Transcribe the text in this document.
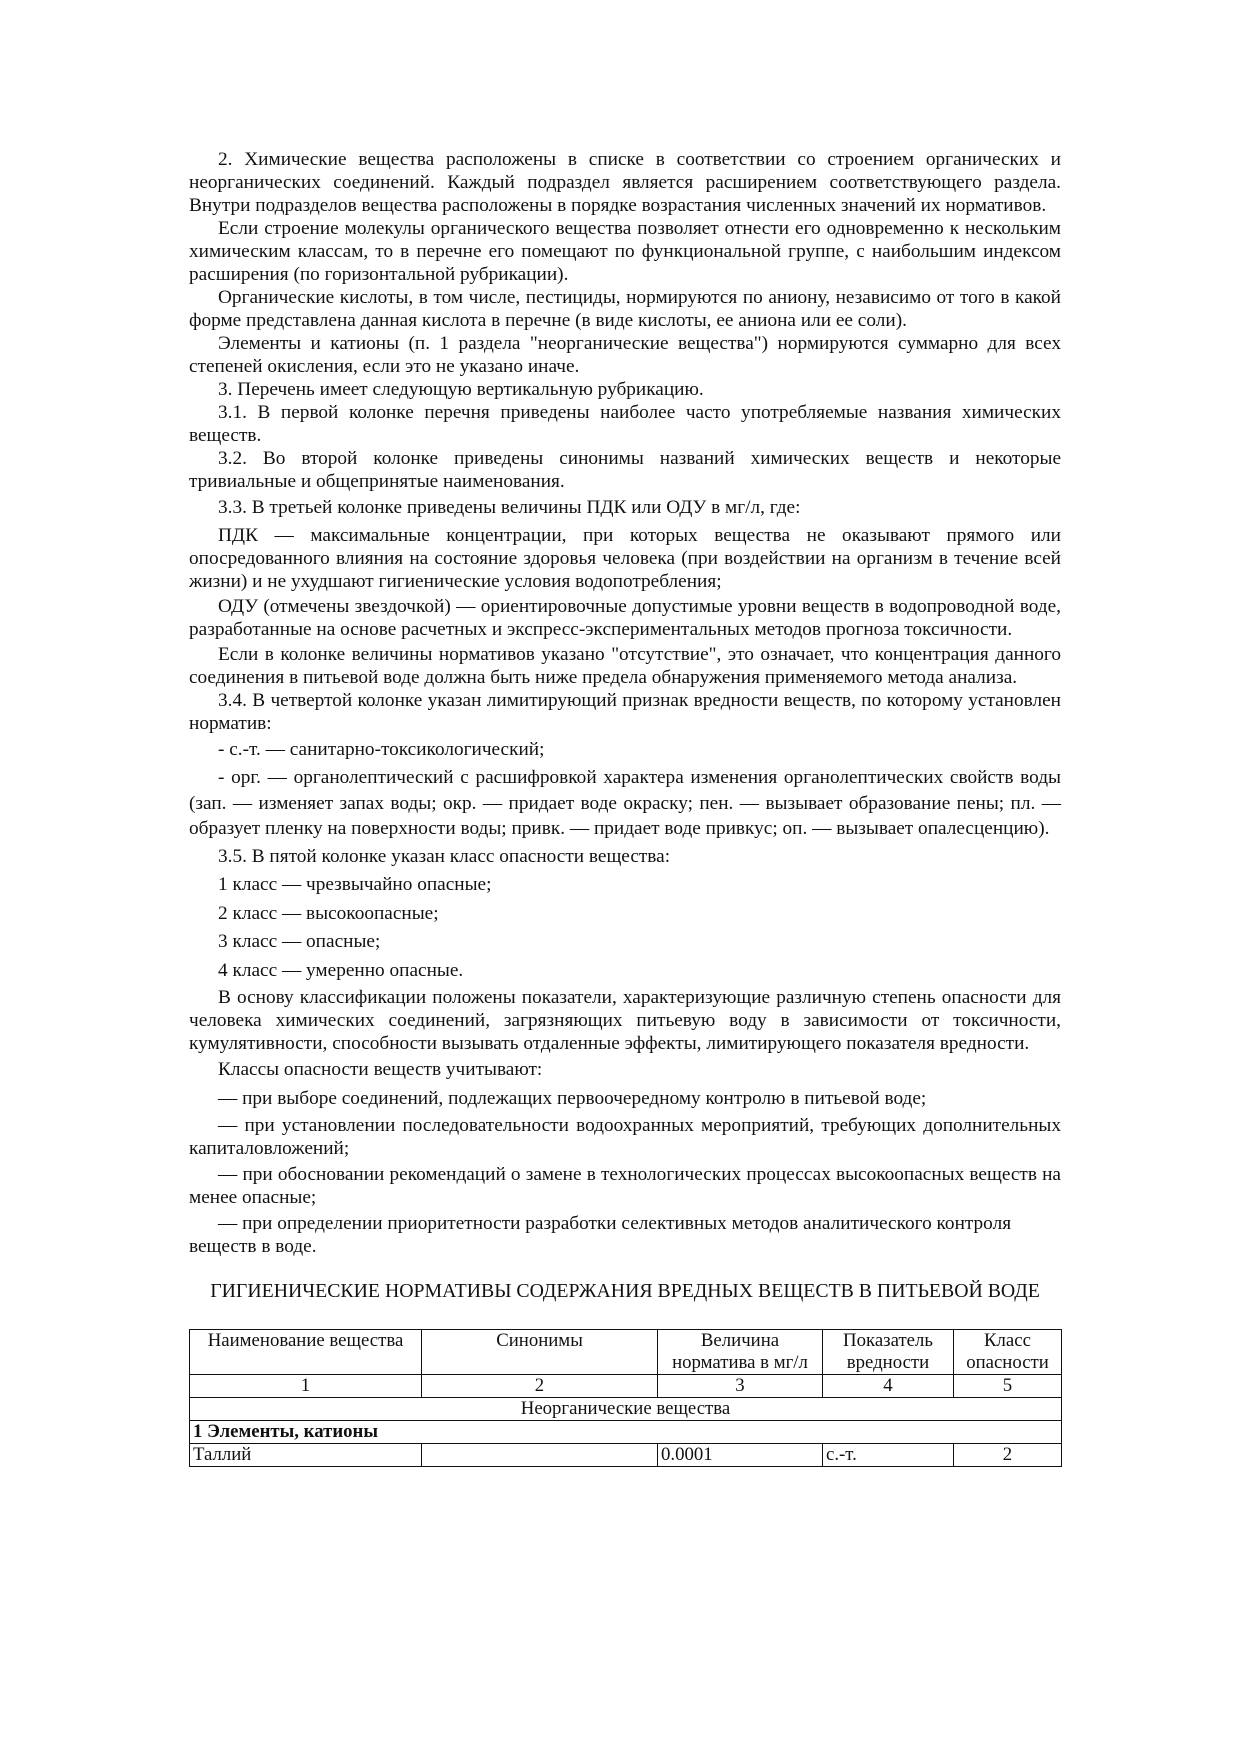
2. Химические вещества расположены в списке в соответствии со строением органических и неорганических соединений. Каждый подраздел является расширением соответствующего раздела. Внутри подразделов вещества расположены в порядке возрастания численных значений их нормативов.

Если строение молекулы органического вещества позволяет отнести его одновременно к нескольким химическим классам, то в перечне его помещают по функциональной группе, с наибольшим индексом расширения (по горизонтальной рубрикации).

Органические кислоты, в том числе, пестициды, нормируются по аниону, независимо от того в какой форме представлена данная кислота в перечне (в виде кислоты, ее аниона или ее соли).

Элементы и катионы (п. 1 раздела "неорганические вещества") нормируются суммарно для всех степеней окисления, если это не указано иначе.

3. Перечень имеет следующую вертикальную рубрикацию.

3.1. В первой колонке перечня приведены наиболее часто употребляемые названия химических веществ.

3.2. Во второй колонке приведены синонимы названий химических веществ и некоторые тривиальные и общепринятые наименования.

3.3. В третьей колонке приведены величины ПДК или ОДУ в мг/л, где:

ПДК — максимальные концентрации, при которых вещества не оказывают прямого или опосредованного влияния на состояние здоровья человека (при воздействии на организм в течение всей жизни) и не ухудшают гигиенические условия водопотребления;

ОДУ (отмечены звездочкой) — ориентировочные допустимые уровни веществ в водопроводной воде, разработанные на основе расчетных и экспресс-экспериментальных методов прогноза токсичности.

Если в колонке величины нормативов указано "отсутствие", это означает, что концентрация данного соединения в питьевой воде должна быть ниже предела обнаружения применяемого метода анализа.

3.4. В четвертой колонке указан лимитирующий признак вредности веществ, по которому установлен норматив:

- с.-т. — санитарно-токсикологический;

- орг. — органолептический с расшифровкой характера изменения органолептических свойств воды (зап. — изменяет запах воды; окр. — придает воде окраску; пен. — вызывает образование пены; пл. — образует пленку на поверхности воды; привк. — придает воде привкус; оп. — вызывает опалесценцию).

3.5. В пятой колонке указан класс опасности вещества:

1 класс — чрезвычайно опасные;

2 класс — высокоопасные;

3 класс — опасные;

4 класс — умеренно опасные.

В основу классификации положены показатели, характеризующие различную степень опасности для человека химических соединений, загрязняющих питьевую воду в зависимости от токсичности, кумулятивности, способности вызывать отдаленные эффекты, лимитирующего показателя вредности.

Классы опасности веществ учитывают:

— при выборе соединений, подлежащих первоочередному контролю в питьевой воде;

— при установлении последовательности водоохранных мероприятий, требующих дополнительных капиталовложений;

— при обосновании рекомендаций о замене в технологических процессах высокоопасных веществ на менее опасные;

— при определении приоритетности разработки селективных методов аналитического контроля веществ в воде.

ГИГИЕНИЧЕСКИЕ НОРМАТИВЫ СОДЕРЖАНИЯ ВРЕДНЫХ ВЕЩЕСТВ В ПИТЬЕВОЙ ВОДЕ
Наименование вещества	Синонимы	Величина норматива в мг/л	Показатель вредности	Класс опасности
1	2	3	4	5
Неорганические вещества				
1 Элементы, катионы				
Таллий		0.0001	с.-т.	2
